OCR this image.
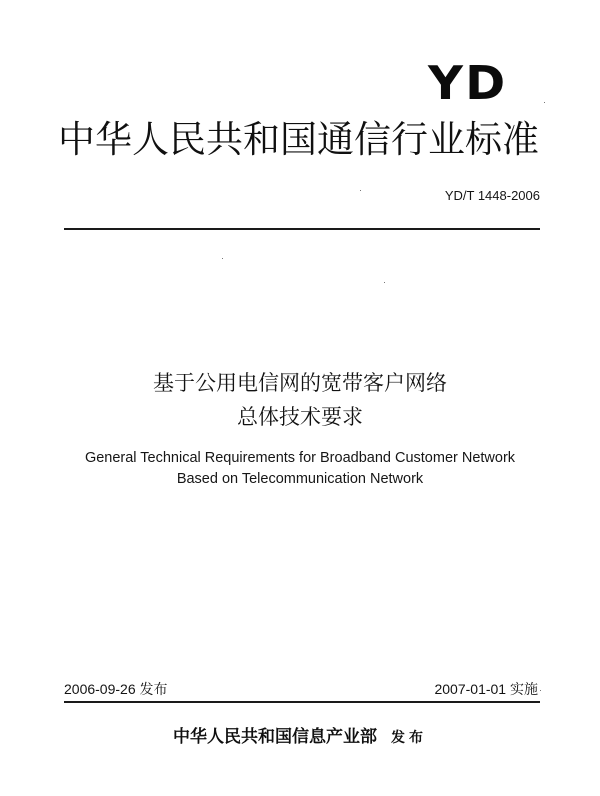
YD
中华人民共和国通信行业标准
YD/T 1448-2006
基于公用电信网的宽带客户网络
总体技术要求
General Technical Requirements for Broadband Customer Network
Based on Telecommunication Network
2006-09-26 发布	2007-01-01 实施
中华人民共和国信息产业部 发布
